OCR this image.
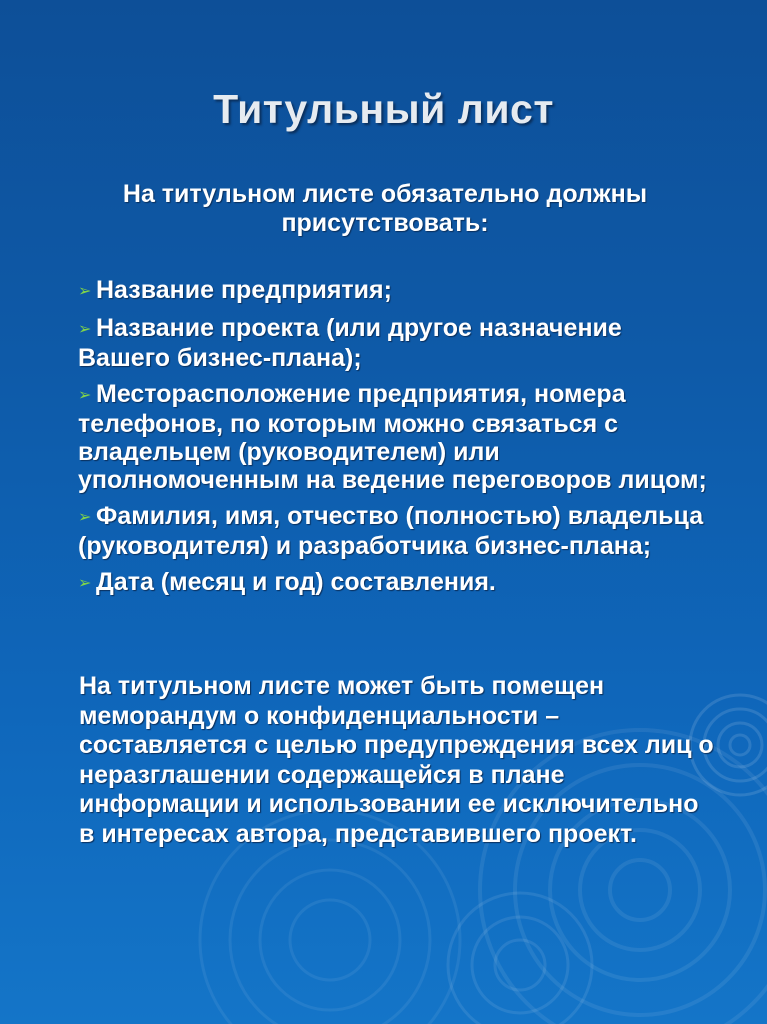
Титульный лист
На титульном листе обязательно должны присутствовать:
➢ Название предприятия;
➢ Название проекта (или другое назначение Вашего бизнес-плана);
➢ Месторасположение предприятия, номера телефонов, по которым можно связаться с владельцем (руководителем) или уполномоченным на ведение переговоров лицом;
➢ Фамилия, имя, отчество (полностью) владельца (руководителя) и разработчика бизнес-плана;
➢ Дата (месяц и год) составления.
На титульном листе может быть помещен меморандум о конфиденциальности – составляется с целью предупреждения всех лиц о неразглашении содержащейся в плане информации и использовании ее исключительно в интересах автора, представившего проект.
